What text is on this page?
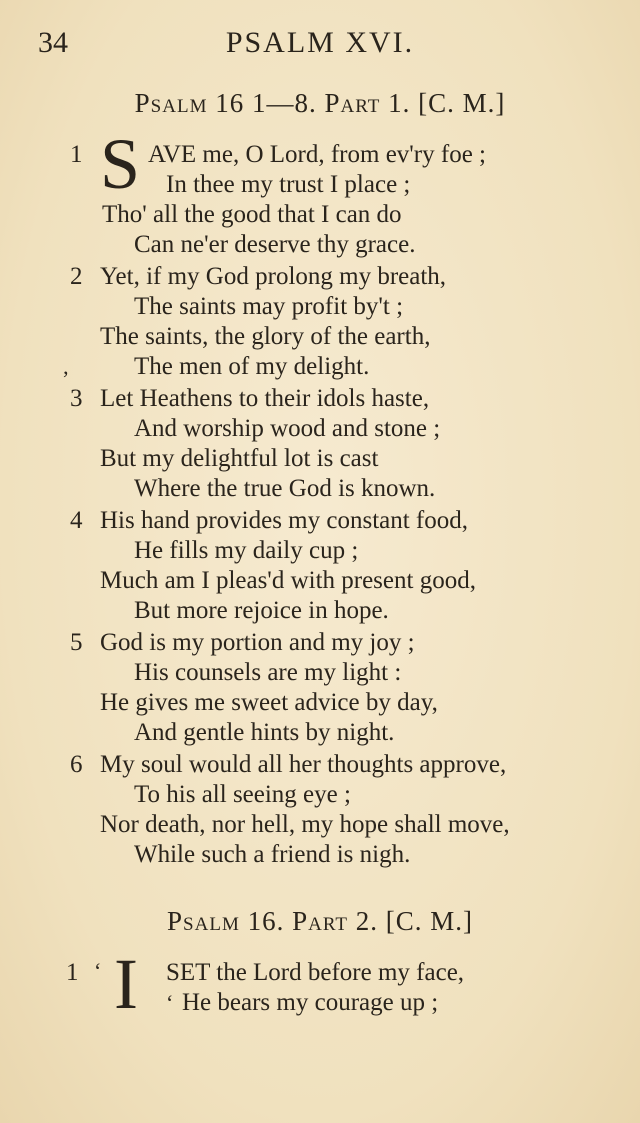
34	PSALM XVI.
Psalm 16 1—8. Part 1. [C. M.]
1 S AVE me, O Lord, from ev'ry foe ;
In thee my trust I place ;
Tho' all the good that I can do
Can ne'er deserve thy grace.
2 Yet, if my God prolong my breath,
The saints may profit by't ;
The saints, the glory of the earth,
‚	The men of my delight.
3 Let Heathens to their idols haste,
And worship wood and stone ;
But my delightful lot is cast
Where the true God is known.
4 His hand provides my constant food,
He fills my daily cup ;
Much am I pleas'd with present good,
But more rejoice in hope.
5 God is my portion and my joy ;
His counsels are my light :
He gives me sweet advice by day,
And gentle hints by night.
6 My soul would all her thoughts approve,
To his all seeing eye ;
Nor death, nor hell, my hope shall move,
While such a friend is nigh.
Psalm 16. Part 2. [C. M.]
1 ‘ I SET the Lord before my face,
‘ He bears my courage up ;
